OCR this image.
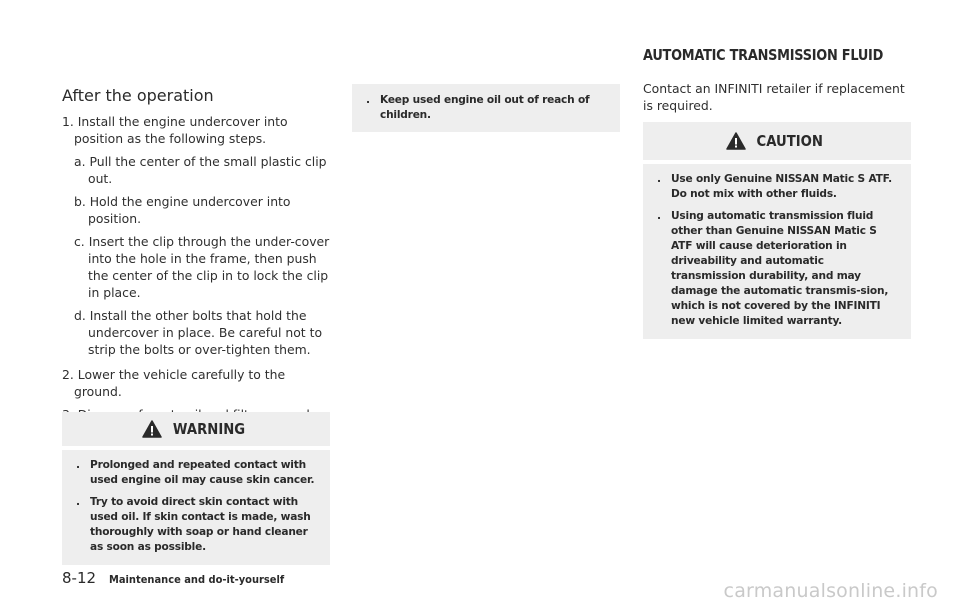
AUTOMATIC TRANSMISSION FLUID
After the operation
1. Install the engine undercover into position as the following steps.
a. Pull the center of the small plastic clip out.
b. Hold the engine undercover into position.
c. Insert the clip through the under-cover into the hole in the frame, then push the center of the clip in to lock the clip in place.
d. Install the other bolts that hold the undercover in place. Be careful not to strip the bolts or over-tighten them.
2. Lower the vehicle carefully to the ground.
WARNING
. Prolonged and repeated contact with used engine oil may cause skin cancer.
. Try to avoid direct skin contact with used oil. If skin contact is made, wash thoroughly with soap or hand cleaner as soon as possible.
. Keep used engine oil out of reach of children.
Contact an INFINITI retailer if replacement is required.
CAUTION
. Use only Genuine NISSAN Matic S ATF. Do not mix with other fluids.
. Using automatic transmission fluid other than Genuine NISSAN Matic S ATF will cause deterioration in driveability and automatic transmission durability, and may damage the automatic transmis-sion, which is not covered by the INFINITI new vehicle limited warranty.
8-12 Maintenance and do-it-yourself
carmanualsonline.info
